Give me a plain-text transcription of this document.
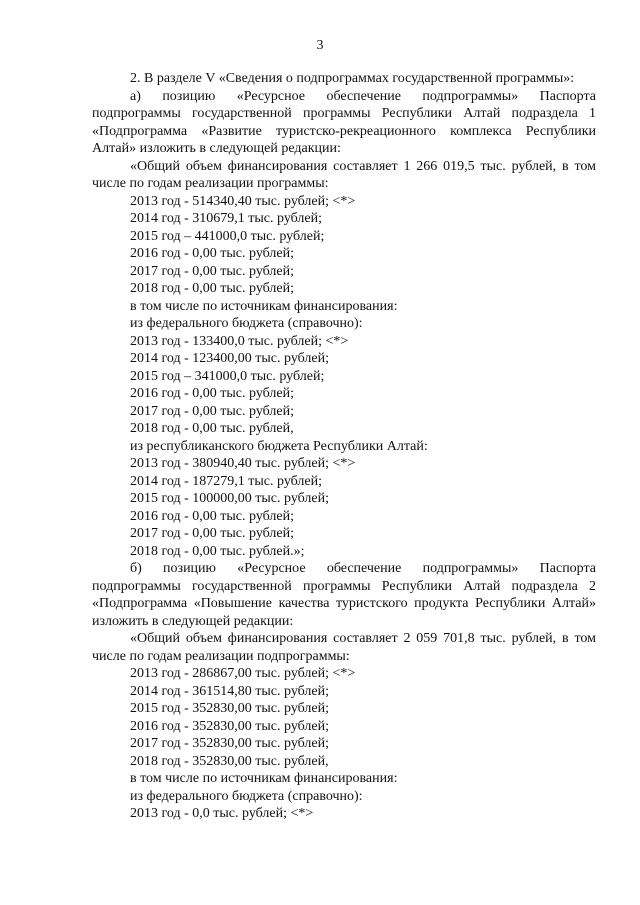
3

2. В разделе V «Сведения о подпрограммах государственной программы»:

а) позицию «Ресурсное обеспечение подпрограммы» Паспорта подпрограммы государственной программы Республики Алтай подраздела 1 «Подпрограмма «Развитие туристско-рекреационного комплекса Республики Алтай» изложить в следующей редакции:

«Общий объем финансирования составляет 1 266 019,5 тыс. рублей, в том числе по годам реализации программы:

2013 год - 514340,40 тыс. рублей; <*>

2014 год - 310679,1 тыс. рублей;

2015 год – 441000,0 тыс. рублей;

2016 год - 0,00 тыс. рублей;

2017 год - 0,00 тыс. рублей;

2018 год - 0,00 тыс. рублей;

в том числе по источникам финансирования:

из федерального бюджета (справочно):

2013 год - 133400,0 тыс. рублей; <*>

2014 год - 123400,00 тыс. рублей;

2015 год – 341000,0 тыс. рублей;

2016 год - 0,00 тыс. рублей;

2017 год - 0,00 тыс. рублей;

2018 год - 0,00 тыс. рублей,

из республиканского бюджета Республики Алтай:

2013 год - 380940,40 тыс. рублей; <*>

2014 год - 187279,1 тыс. рублей;

2015 год - 100000,00 тыс. рублей;

2016 год - 0,00 тыс. рублей;

2017 год - 0,00 тыс. рублей;

2018 год - 0,00 тыс. рублей.»;

б) позицию «Ресурсное обеспечение подпрограммы» Паспорта подпрограммы государственной программы Республики Алтай подраздела 2 «Подпрограмма «Повышение качества туристского продукта Республики Алтай» изложить в следующей редакции:

«Общий объем финансирования составляет 2 059 701,8 тыс. рублей, в том числе по годам реализации подпрограммы:

2013 год - 286867,00 тыс. рублей; <*>

2014 год - 361514,80 тыс. рублей;

2015 год - 352830,00 тыс. рублей;

2016 год - 352830,00 тыс. рублей;

2017 год - 352830,00 тыс. рублей;

2018 год - 352830,00 тыс. рублей,

в том числе по источникам финансирования:

из федерального бюджета (справочно):

2013 год - 0,0 тыс. рублей; <*>
